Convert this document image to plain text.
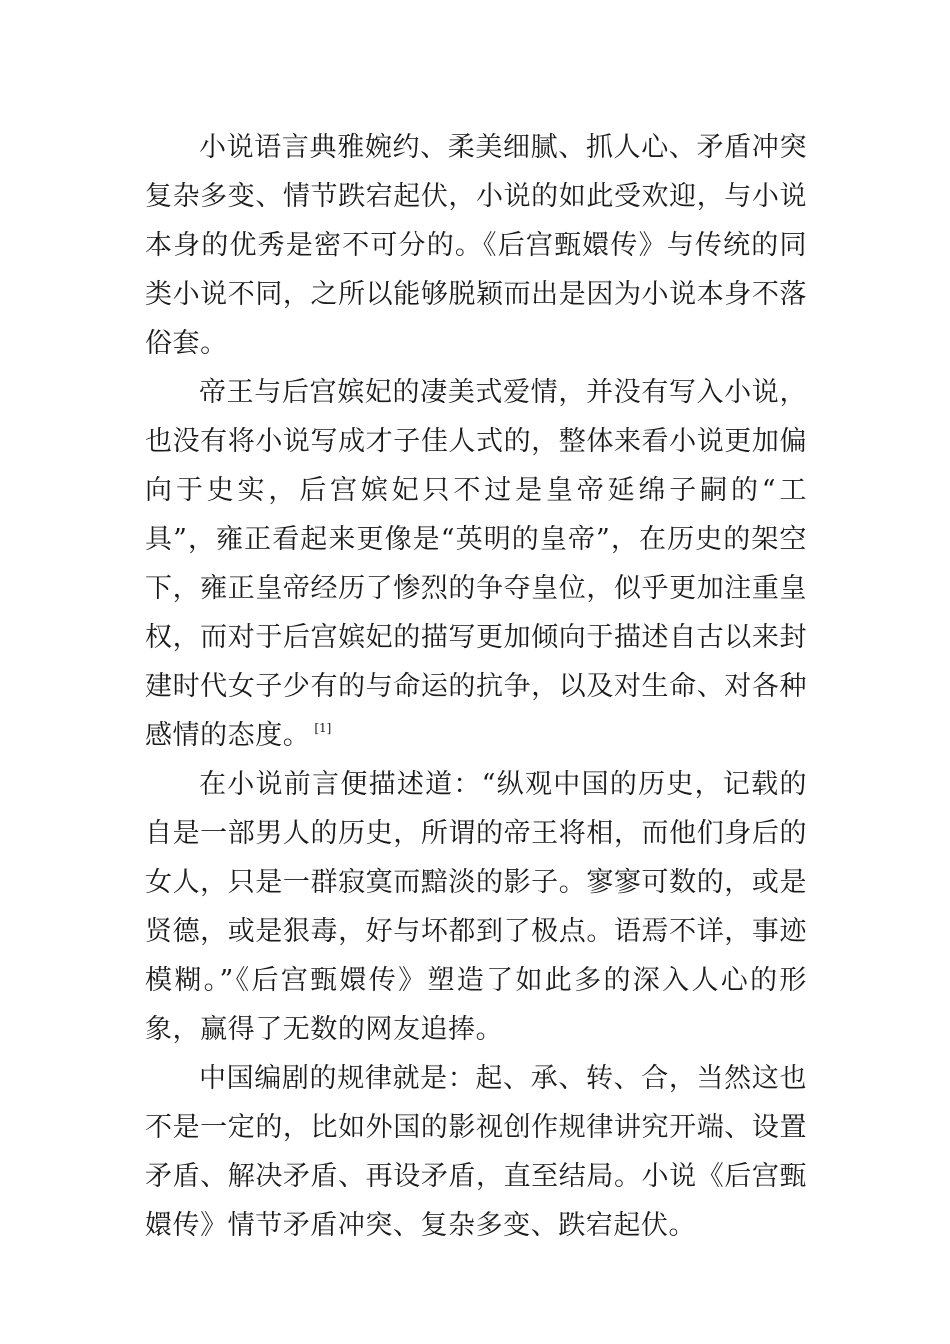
小说语言典雅婉约、柔美细腻、抓人心、矛盾冲突复杂多变、情节跌宕起伏，小说的如此受欢迎，与小说本身的优秀是密不可分的。《后宫甄嬛传》与传统的同类小说不同，之所以能够脱颖而出是因为小说本身不落俗套。

帝王与后宫嫔妃的凄美式爱情，并没有写入小说，也没有将小说写成才子佳人式的，整体来看小说更加偏向于史实，后宫嫔妃只不过是皇帝延绵子嗣的“工具”，雍正看起来更像是“英明的皇帝”，在历史的架空下，雍正皇帝经历了惨烈的争夺皇位，似乎更加注重皇权，而对于后宫嫔妃的描写更加倾向于描述自古以来封建时代女子少有的与命运的抗争，以及对生命、对各种感情的态度。 [1]

在小说前言便描述道：“纵观中国的历史，记载的自是一部男人的历史，所谓的帝王将相，而他们身后的女人，只是一群寂寞而黯淡的影子。寥寥可数的，或是贤德，或是狠毒，好与坏都到了极点。语焉不详，事迹模糊。”《后宫甄嬛传》塑造了如此多的深入人心的形象，赢得了无数的网友追捧。

中国编剧的规律就是：起、承、转、合，当然这也不是一定的，比如外国的影视创作规律讲究开端、设置矛盾、解决矛盾、再设矛盾，直至结局。小说《后宫甄嬛传》情节矛盾冲突、复杂多变、跌宕起伏。
